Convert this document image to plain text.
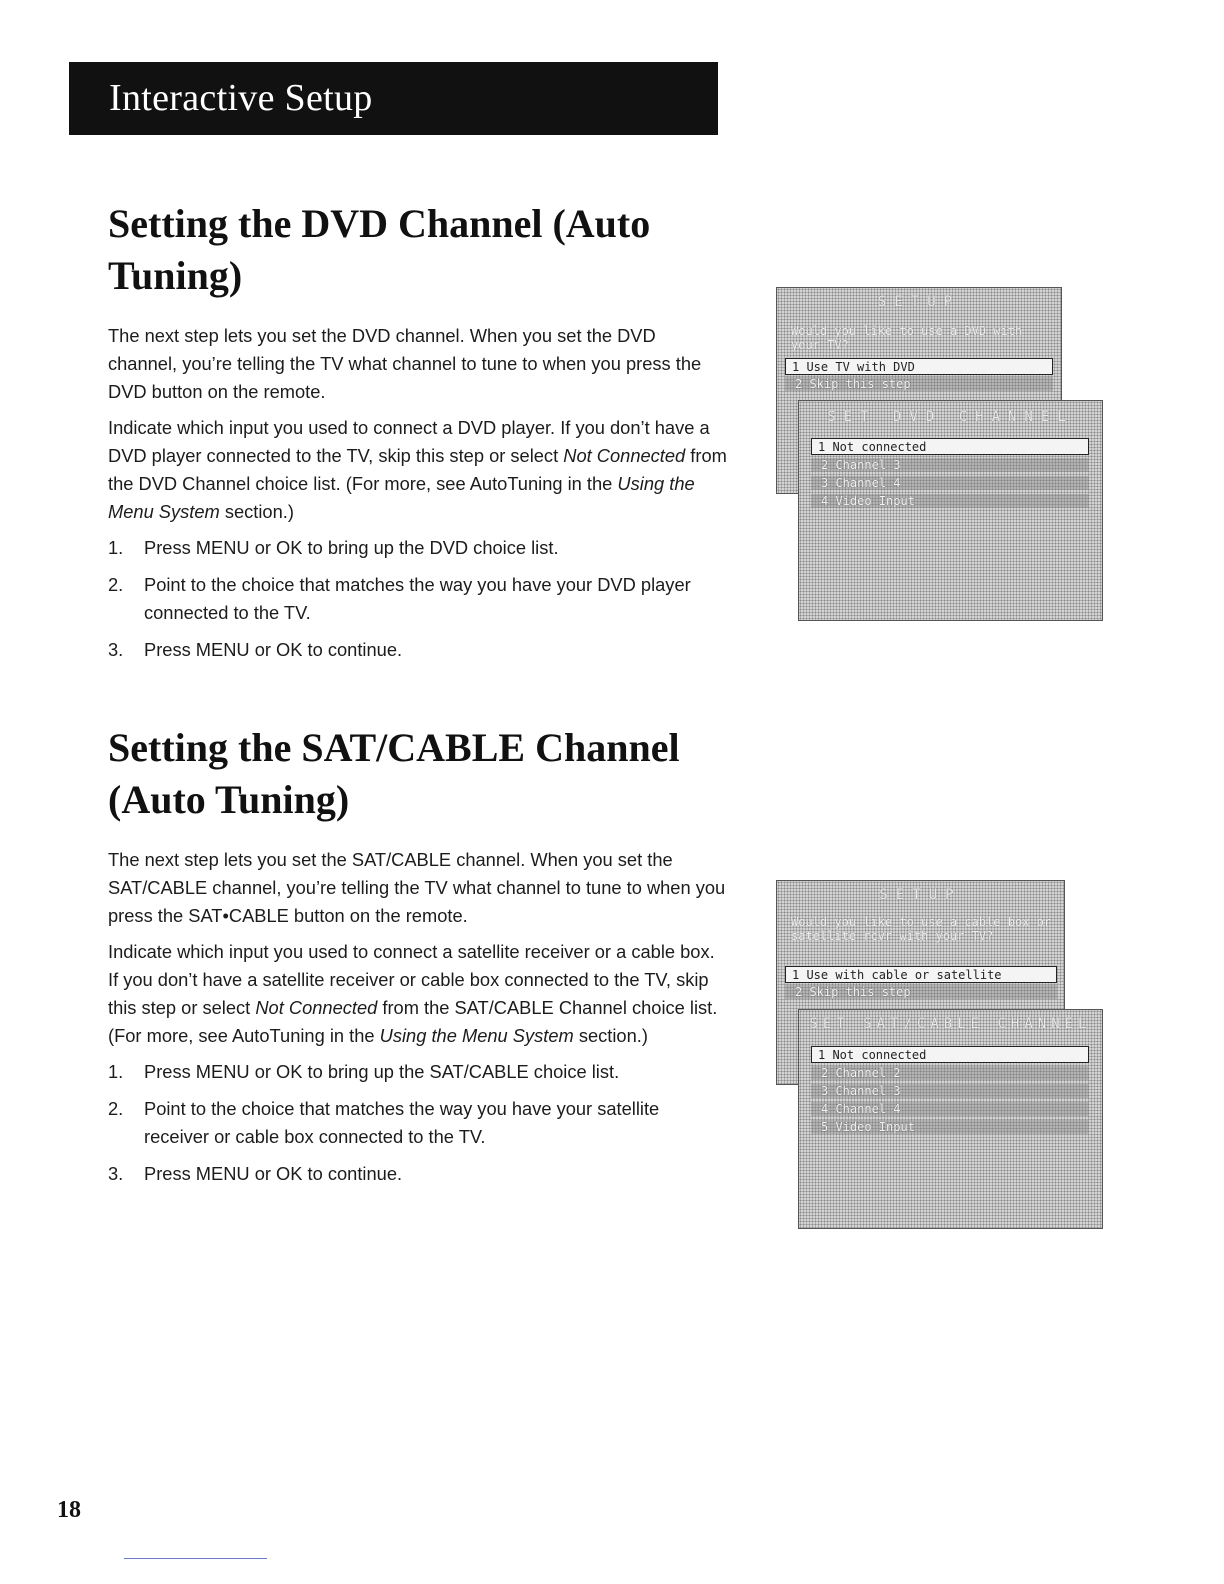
Interactive Setup
Setting the DVD Channel (Auto
Tuning)

The next step lets you set the DVD channel. When you set the DVD channel, you’re telling the TV what channel to tune to when you press the DVD button on the remote.

Indicate which input you used to connect a DVD player. If you don’t have a DVD player connected to the TV, skip this step or select Not Connected from the DVD Channel choice list. (For more, see AutoTuning in the Using the Menu System section.)

1. Press MENU or OK to bring up the DVD choice list.
2. Point to the choice that matches the way you have your DVD player connected to the TV.
3. Press MENU or OK to continue.
Setting the SAT/CABLE Channel
(Auto Tuning)

The next step lets you set the SAT/CABLE channel. When you set the SAT/CABLE channel, you’re telling the TV what channel to tune to when you press the SAT•CABLE button on the remote.

Indicate which input you used to connect a satellite receiver or a cable box. If you don’t have a satellite receiver or cable box connected to the TV, skip this step or select Not Connected from the SAT/CABLE Channel choice list. (For more, see AutoTuning in the Using the Menu System section.)

1. Press MENU or OK to bring up the SAT/CABLE choice list.
2. Point to the choice that matches the way you have your satellite receiver or cable box connected to the TV.
3. Press MENU or OK to continue.
SETUP
Would you like to use a DVD with your TV?
1 Use TV with DVD
2 Skip this step
SET DVD CHANNEL
1 Not connected
2 Channel 3
3 Channel 4
4 Video Input
SETUP
Would you like to use a cable box or satellite rcvr with your TV?
1 Use with cable or satellite
2 Skip this step
SET SAT/CABLE CHANNEL
1 Not connected
2 Channel 2
3 Channel 3
4 Channel 4
5 Video Input
18
